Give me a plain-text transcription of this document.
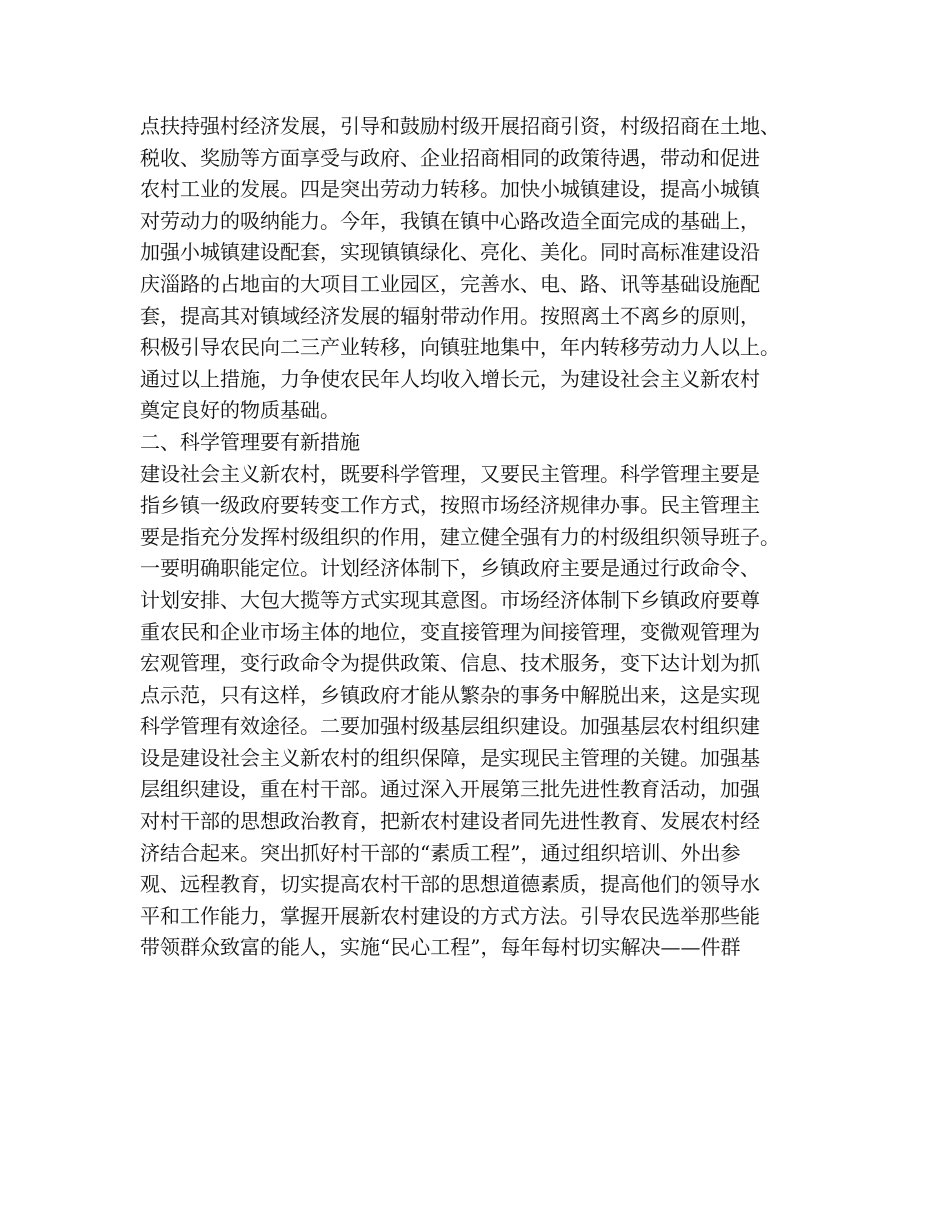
点扶持强村经济发展，引导和鼓励村级开展招商引资，村级招商在土地、
税收、奖励等方面享受与政府、企业招商相同的政策待遇，带动和促进
农村工业的发展。四是突出劳动力转移。加快小城镇建设，提高小城镇
对劳动力的吸纳能力。今年，我镇在镇中心路改造全面完成的基础上，
加强小城镇建设配套，实现镇镇绿化、亮化、美化。同时高标准建设沿
庆淄路的占地亩的大项目工业园区，完善水、电、路、讯等基础设施配
套，提高其对镇域经济发展的辐射带动作用。按照离土不离乡的原则，
积极引导农民向二三产业转移，向镇驻地集中，年内转移劳动力人以上。
通过以上措施，力争使农民年人均收入增长元，为建设社会主义新农村
奠定良好的物质基础。
二、科学管理要有新措施
建设社会主义新农村，既要科学管理，又要民主管理。科学管理主要是
指乡镇一级政府要转变工作方式，按照市场经济规律办事。民主管理主
要是指充分发挥村级组织的作用，建立健全强有力的村级组织领导班子。
一要明确职能定位。计划经济体制下，乡镇政府主要是通过行政命令、
计划安排、大包大揽等方式实现其意图。市场经济体制下乡镇政府要尊
重农民和企业市场主体的地位，变直接管理为间接管理，变微观管理为
宏观管理，变行政命令为提供政策、信息、技术服务，变下达计划为抓
点示范，只有这样，乡镇政府才能从繁杂的事务中解脱出来，这是实现
科学管理有效途径。二要加强村级基层组织建设。加强基层农村组织建
设是建设社会主义新农村的组织保障，是实现民主管理的关键。加强基
层组织建设，重在村干部。通过深入开展第三批先进性教育活动，加强
对村干部的思想政治教育，把新农村建设者同先进性教育、发展农村经
济结合起来。突出抓好村干部的“素质工程”，通过组织培训、外出参
观、远程教育，切实提高农村干部的思想道德素质，提高他们的领导水
平和工作能力，掌握开展新农村建设的方式方法。引导农民选举那些能
带领群众致富的能人，实施“民心工程”，每年每村切实解决——件群
